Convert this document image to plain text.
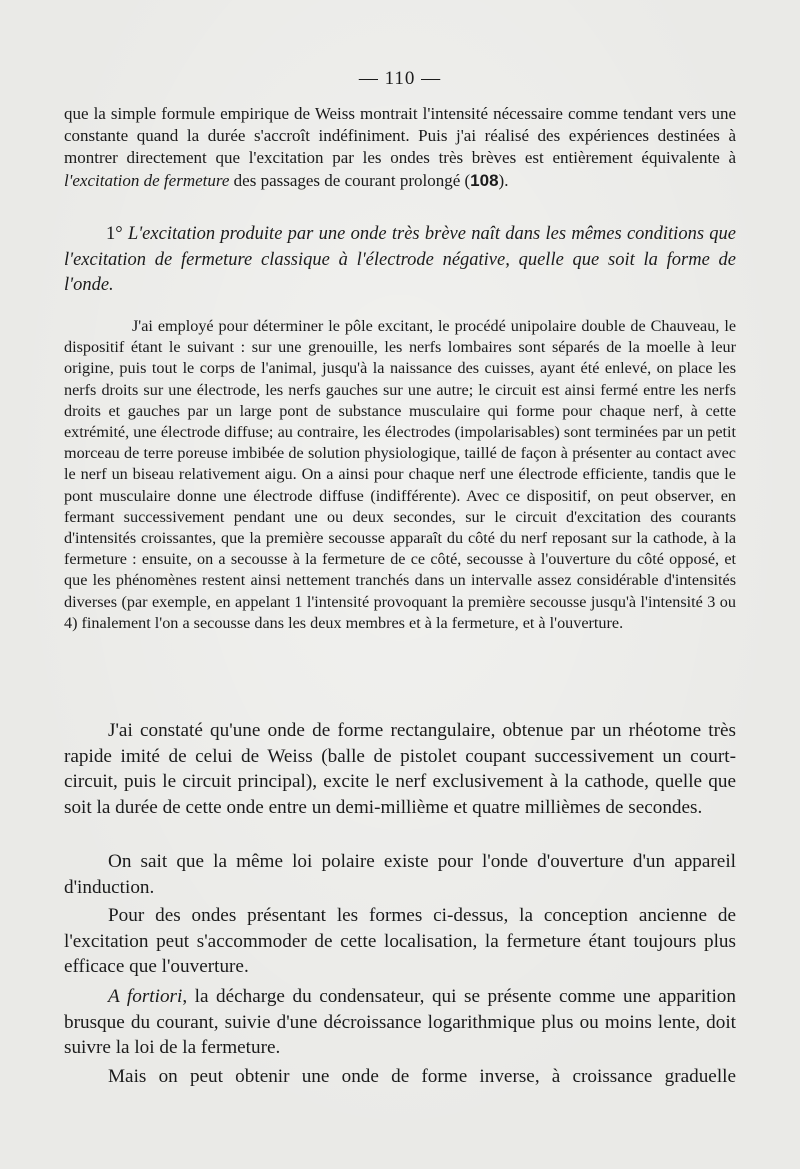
— 110 —

que la simple formule empirique de Weiss montrait l'intensité nécessaire comme tendant vers une constante quand la durée s'accroît indéfiniment. Puis j'ai réalisé des expériences destinées à montrer directement que l'excitation par les ondes très brèves est entièrement équivalente à l'excitation de fermeture des passages de courant prolongé (108).

1° L'excitation produite par une onde très brève naît dans les mêmes conditions que l'excitation de fermeture classique à l'électrode négative, quelle que soit la forme de l'onde.

J'ai employé pour déterminer le pôle excitant, le procédé unipolaire double de Chauveau, le dispositif étant le suivant : sur une grenouille, les nerfs lombaires sont séparés de la moelle à leur origine, puis tout le corps de l'animal, jusqu'à la naissance des cuisses, ayant été enlevé, on place les nerfs droits sur une électrode, les nerfs gauches sur une autre; le circuit est ainsi fermé entre les nerfs droits et gauches par un large pont de substance musculaire qui forme pour chaque nerf, à cette extrémité, une électrode diffuse; au contraire, les électrodes (impolarisables) sont terminées par un petit morceau de terre poreuse imbibée de solution physiologique, taillé de façon à présenter au contact avec le nerf un biseau relativement aigu. On a ainsi pour chaque nerf une électrode efficiente, tandis que le pont musculaire donne une électrode diffuse (indifférente). Avec ce dispositif, on peut observer, en fermant successivement pendant une ou deux secondes, sur le circuit d'excitation des courants d'intensités croissantes, que la première secousse apparaît du côté du nerf reposant sur la cathode, à la fermeture : ensuite, on a secousse à la fermeture de ce côté, secousse à l'ouverture du côté opposé, et que les phénomènes restent ainsi nettement tranchés dans un intervalle assez considérable d'intensités diverses (par exemple, en appelant 1 l'intensité provoquant la première secousse jusqu'à l'intensité 3 ou 4) finalement l'on a secousse dans les deux membres et à la fermeture, et à l'ouverture.

J'ai constaté qu'une onde de forme rectangulaire, obtenue par un rhéotome très rapide imité de celui de Weiss (balle de pistolet coupant successivement un court-circuit, puis le circuit principal), excite le nerf exclusivement à la cathode, quelle que soit la durée de cette onde entre un demi-millième et quatre millièmes de secondes.

On sait que la même loi polaire existe pour l'onde d'ouverture d'un appareil d'induction.

Pour des ondes présentant les formes ci-dessus, la conception ancienne de l'excitation peut s'accommoder de cette localisation, la fermeture étant toujours plus efficace que l'ouverture.

A fortiori, la décharge du condensateur, qui se présente comme une apparition brusque du courant, suivie d'une décroissance logarithmique plus ou moins lente, doit suivre la loi de la fermeture.

Mais on peut obtenir une onde de forme inverse, à croissance graduelle
